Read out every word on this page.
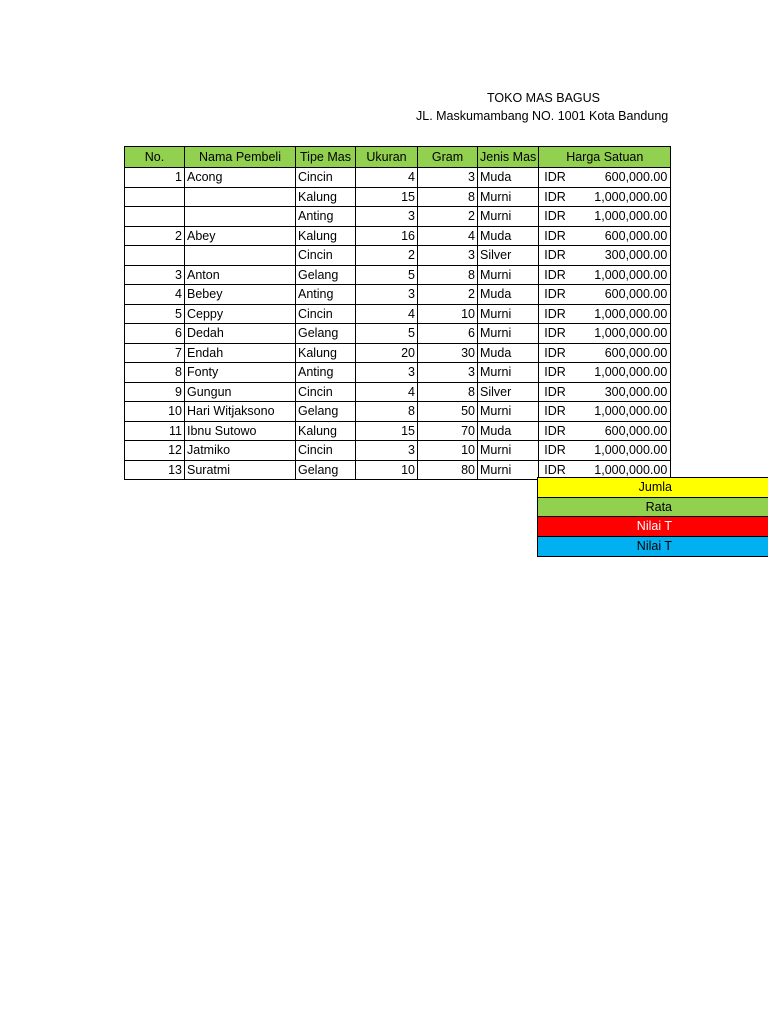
TOKO MAS BAGUS
JL. Maskumambang NO. 1001 Kota Bandung
No.	Nama Pembeli	Tipe Mas	Ukuran	Gram	Jenis Mas	Harga Satuan
1	Acong	Cincin	4	3	Muda	IDR 600,000.00

		Kalung	15	8	Murni	IDR 1,000,000.00

		Anting	3	2	Murni	IDR 1,000,000.00

2	Abey	Kalung	16	4	Muda	IDR 600,000.00

		Cincin	2	3	Silver	IDR 300,000.00

3	Anton	Gelang	5	8	Murni	IDR 1,000,000.00

4	Bebey	Anting	3	2	Muda	IDR 600,000.00

5	Ceppy	Cincin	4	10	Murni	IDR 1,000,000.00

6	Dedah	Gelang	5	6	Murni	IDR 1,000,000.00

7	Endah	Kalung	20	30	Muda	IDR 600,000.00

8	Fonty	Anting	3	3	Murni	IDR 1,000,000.00

9	Gungun	Cincin	4	8	Silver	IDR 300,000.00

10	Hari Witjaksono	Gelang	8	50	Murni	IDR 1,000,000.00

11	Ibnu Sutowo	Kalung	15	70	Muda	IDR 600,000.00

12	Jatmiko	Cincin	3	10	Murni	IDR 1,000,000.00

13	Suratmi	Gelang	10	80	Murni	IDR 1,000,000.00
Jumla
Rata
Nilai T
Nilai T
